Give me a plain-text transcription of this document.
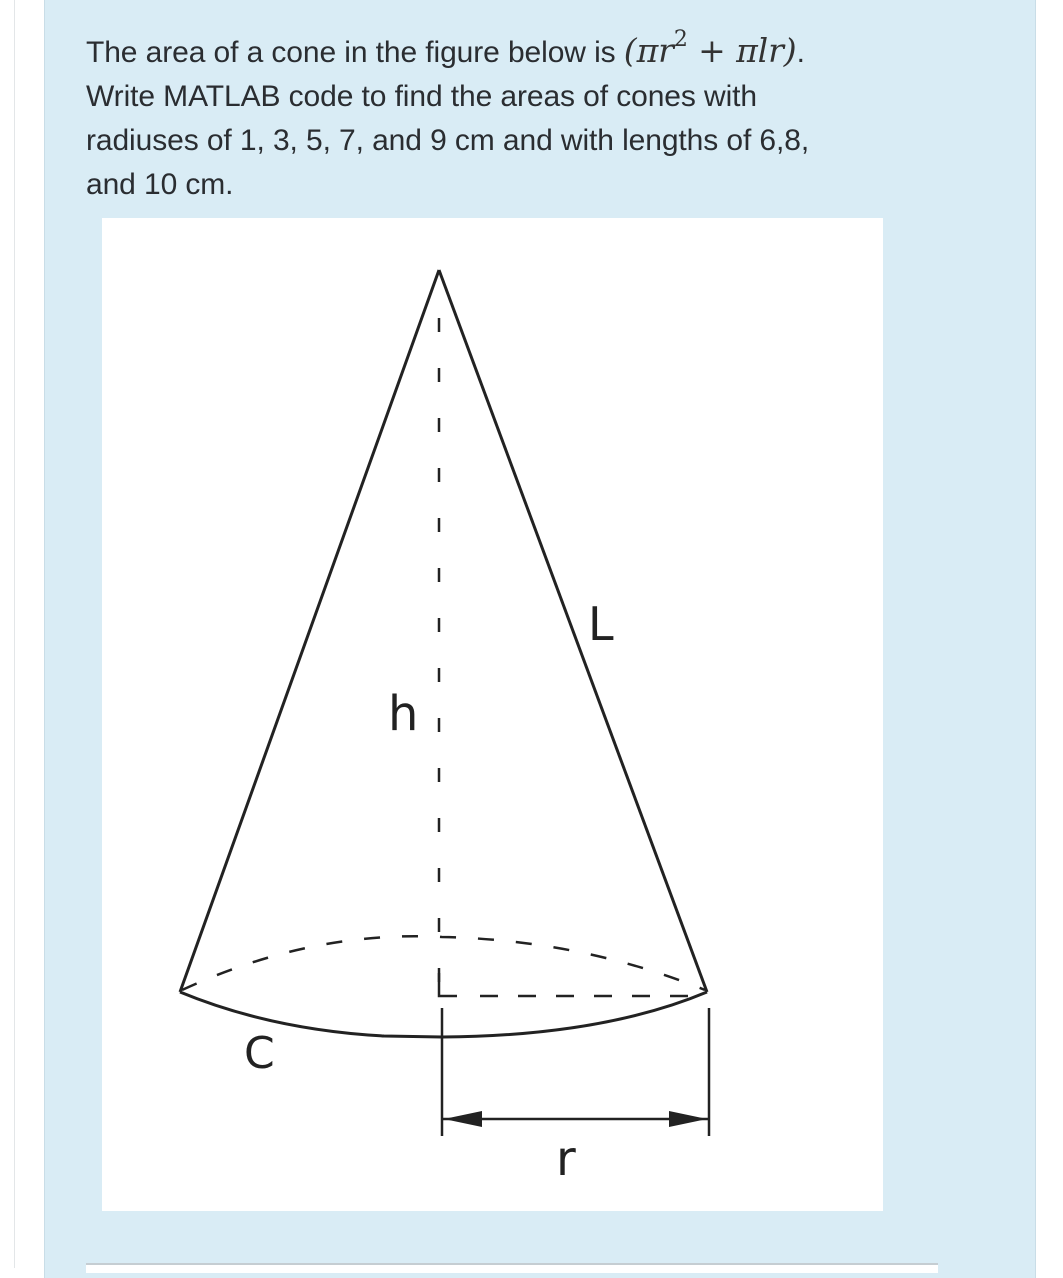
The area of a cone in the figure below is $(\pi r^2 + \pi lr)$.
Write MATLAB code to find the areas of cones with
radiuses of 1, 3, 5, 7, and 9 cm and with lengths of 6,8,
and 10 cm.
h
L
C
r
